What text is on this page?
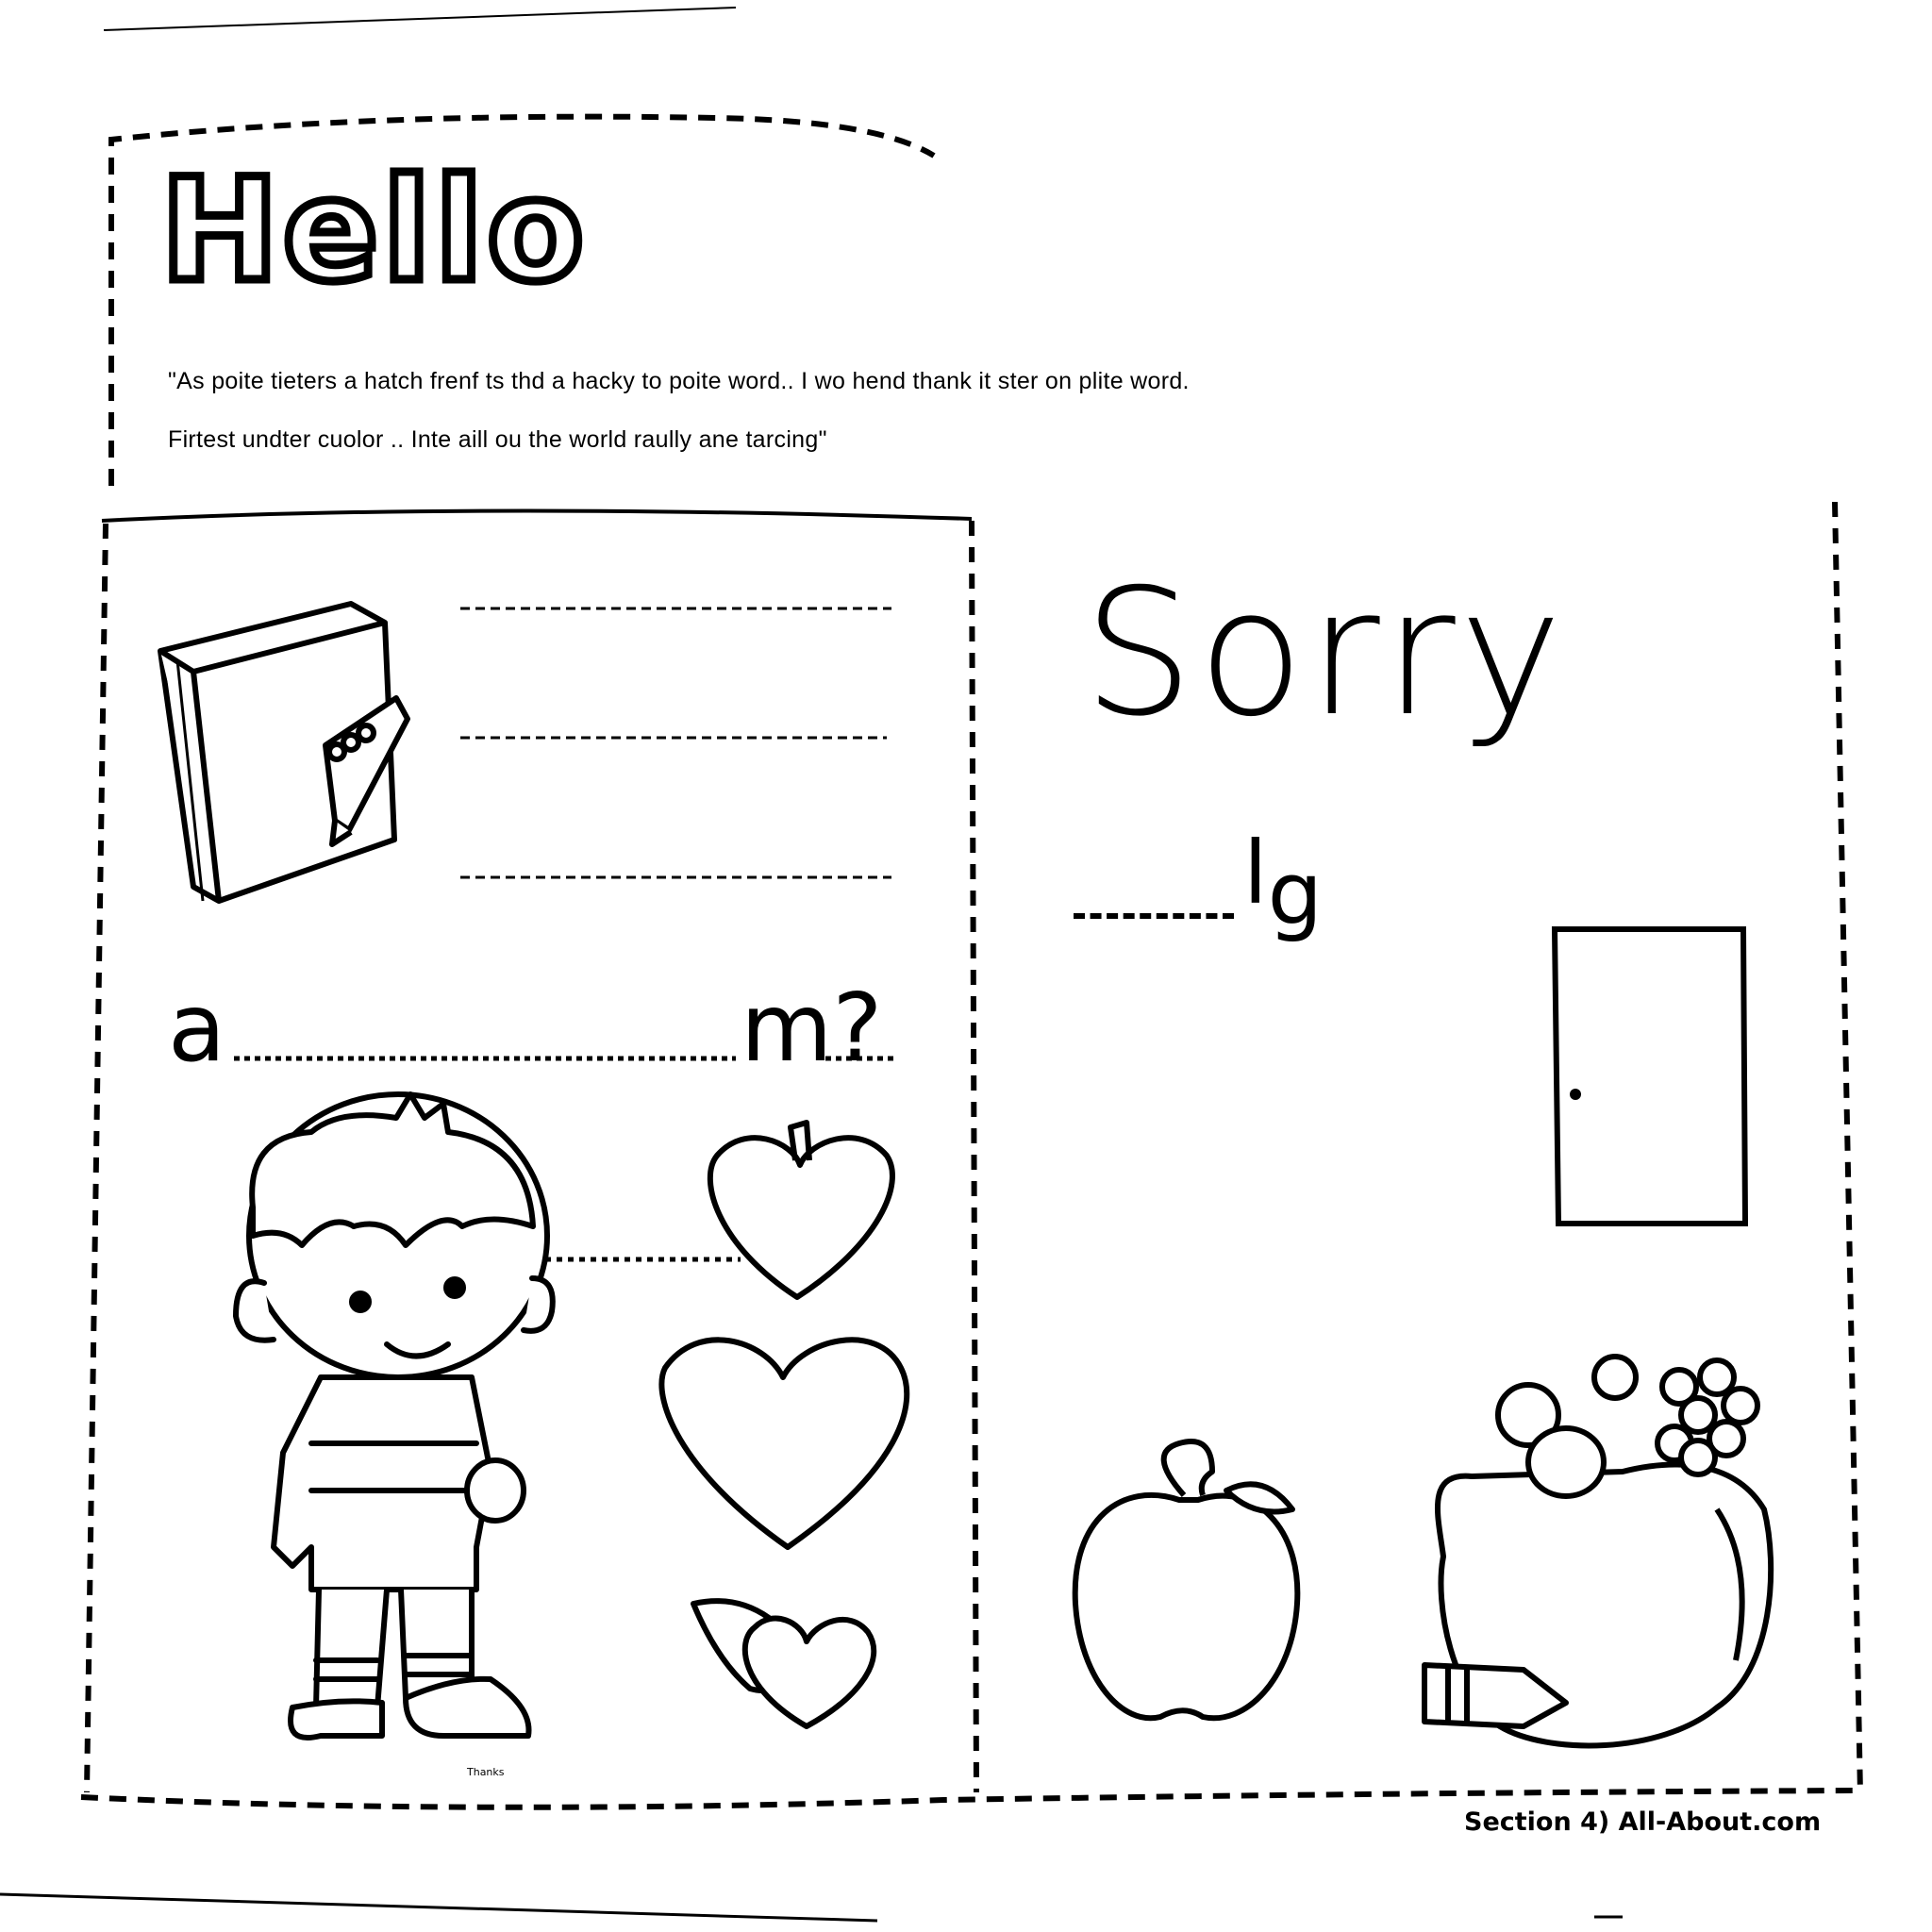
Hello
"As poite tieters a hatch frenf ts thd a hacky to poite word.. I wo hend thank it ster on plite word.
Firtest undter cuolor .. Inte aill ou the world raully ane tarcing"
a	m?
Thanks
Sorry
$l_g$
Section 4) All-About.com
